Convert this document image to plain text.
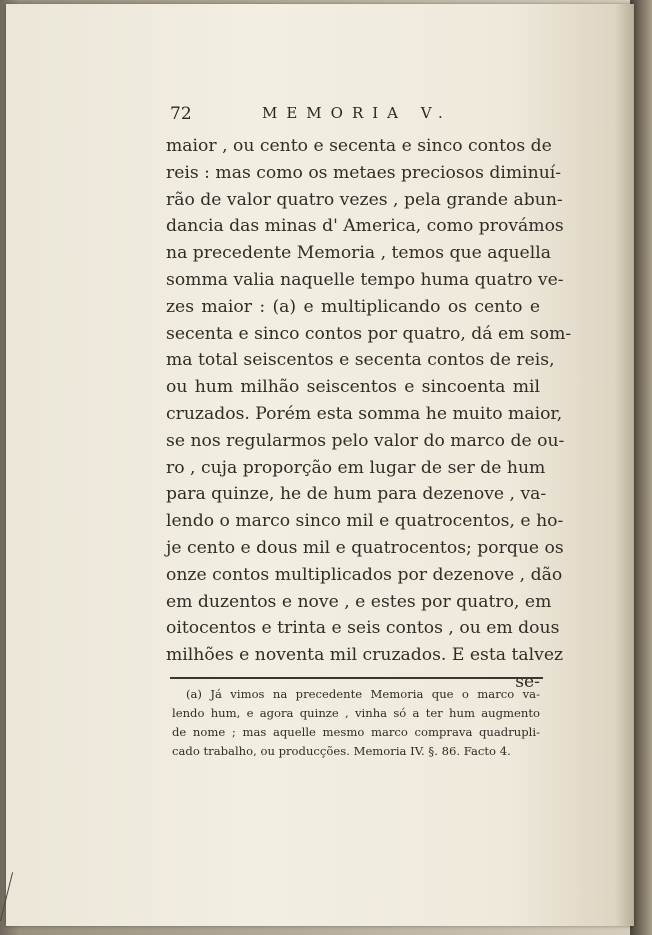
72	MEMORIA V.
maior , ou cento e secenta e sinco contos de
reis : mas como os metaes preciosos diminuí-
rão de valor quatro vezes , pela grande abun-
dancia das minas d' America, como provámos
na precedente Memoria , temos que aquella
somma valia naquelle tempo huma quatro ve-
zes maior : (a) e multiplicando os cento e
secenta e sinco contos por quatro, dá em som-
ma total seiscentos e secenta contos de reis,
ou hum milhão seiscentos e sincoenta mil
cruzados. Porém esta somma he muito maior,
se nos regularmos pelo valor do marco de ou-
ro , cuja proporção em lugar de ser de hum
para quinze, he de hum para dezenove , va-
lendo o marco sinco mil e quatrocentos, e ho-
je cento e dous mil e quatrocentos; porque os
onze contos multiplicados por dezenove , dão
em duzentos e nove , e estes por quatro, em
oitocentos e trinta e seis contos , ou em dous
milhões e noventa mil cruzados. E esta talvez
se-
(a) Já vimos na precedente Memoria que o marco va-
lendo hum, e agora quinze , vinha só a ter hum augmento
de nome ; mas aquelle mesmo marco comprava quadrupli-
cado trabalho, ou producções. Memoria IV. §. 86. Facto 4.
